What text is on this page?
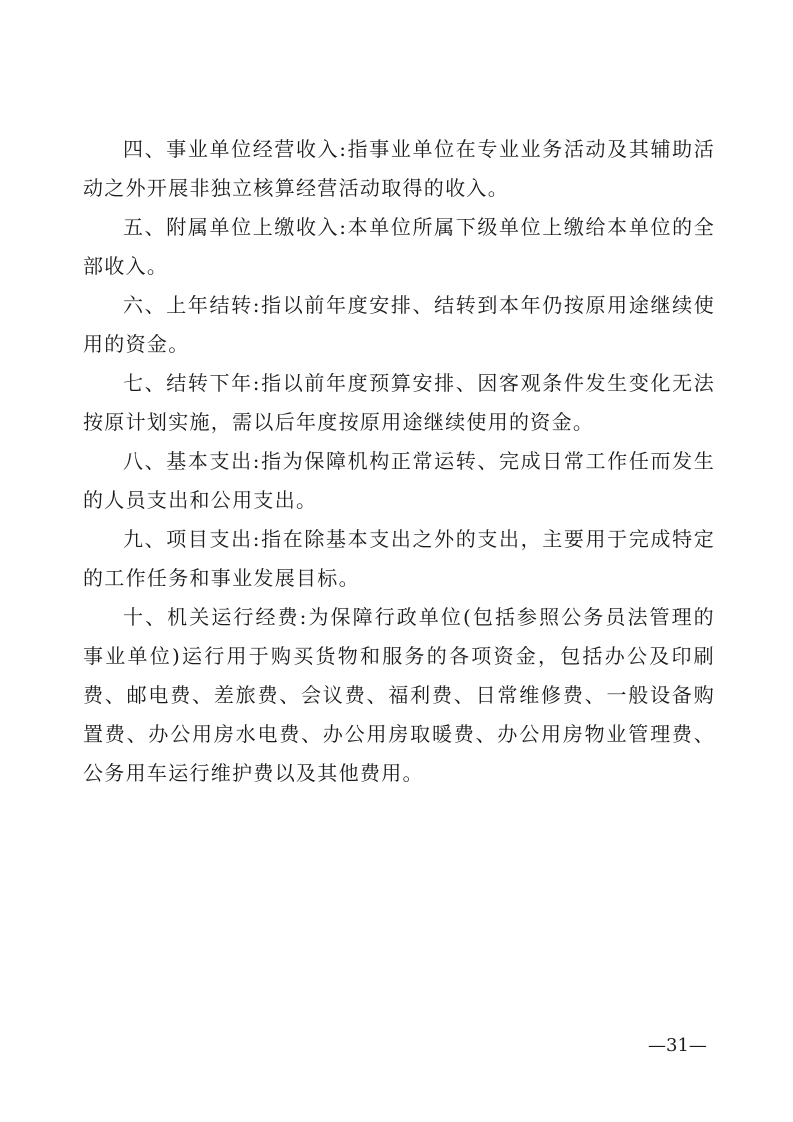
四、事业单位经营收入:指事业单位在专业业务活动及其辅助活动之外开展非独立核算经营活动取得的收入。

五、附属单位上缴收入:本单位所属下级单位上缴给本单位的全部收入。

六、上年结转:指以前年度安排、结转到本年仍按原用途继续使用的资金。

七、结转下年:指以前年度预算安排、因客观条件发生变化无法按原计划实施，需以后年度按原用途继续使用的资金。

八、基本支出:指为保障机构正常运转、完成日常工作任而发生的人员支出和公用支出。

九、项目支出:指在除基本支出之外的支出，主要用于完成特定的工作任务和事业发展目标。

十、机关运行经费:为保障行政单位(包括参照公务员法管理的事业单位)运行用于购买货物和服务的各项资金，包括办公及印刷费、邮电费、差旅费、会议费、福利费、日常维修费、一般设备购置费、办公用房水电费、办公用房取暖费、办公用房物业管理费、公务用车运行维护费以及其他费用。

—31—
